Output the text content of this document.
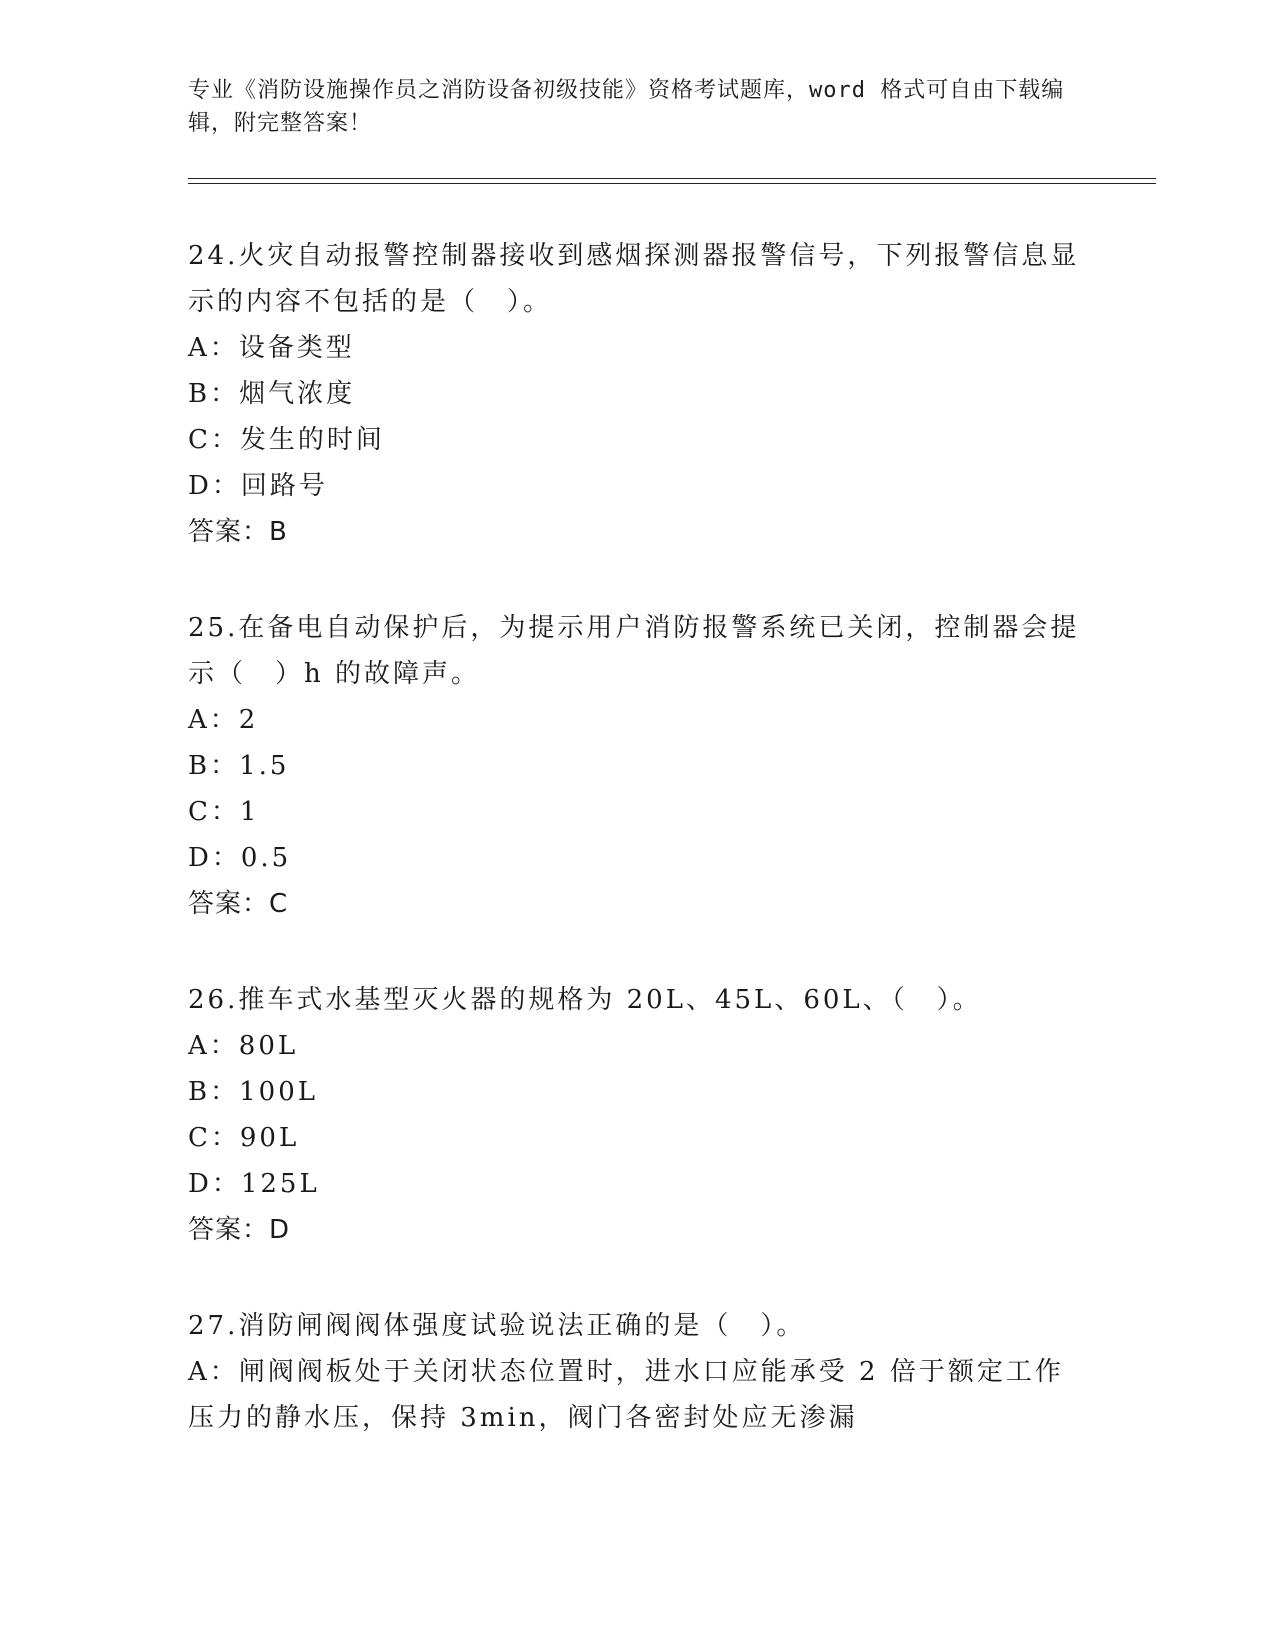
专业《消防设施操作员之消防设备初级技能》资格考试题库，word 格式可自由下载编辑，附完整答案！
24.火灾自动报警控制器接收到感烟探测器报警信号，下列报警信息显示的内容不包括的是（　）。
A：设备类型
B：烟气浓度
C：发生的时间
D：回路号
答案：B
25.在备电自动保护后，为提示用户消防报警系统已关闭，控制器会提示（　）h 的故障声。
A：2
B：1.5
C：1
D：0.5
答案：C
26.推车式水基型灭火器的规格为 20L、45L、60L、（　）。
A：80L
B：100L
C：90L
D：125L
答案：D
27.消防闸阀阀体强度试验说法正确的是（　）。
A：闸阀阀板处于关闭状态位置时，进水口应能承受 2 倍于额定工作压力的静水压，保持 3min，阀门各密封处应无渗漏
